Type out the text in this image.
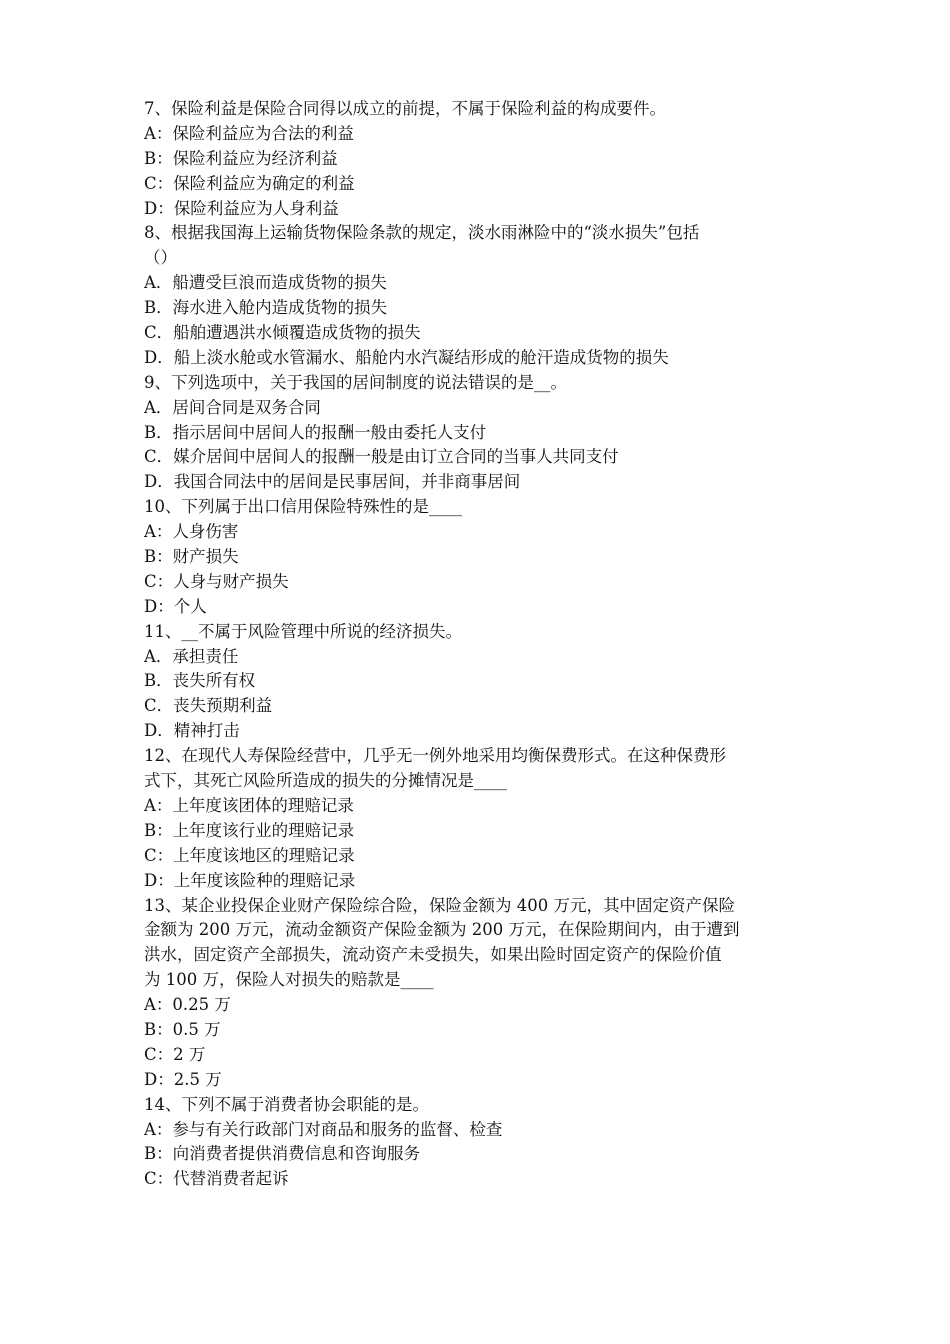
7、保险利益是保险合同得以成立的前提，不属于保险利益的构成要件。
A：保险利益应为合法的利益
B：保险利益应为经济利益
C：保险利益应为确定的利益
D：保险利益应为人身利益
8、根据我国海上运输货物保险条款的规定，淡水雨淋险中的“淡水损失”包括
（）
A．船遭受巨浪而造成货物的损失
B．海水进入舱内造成货物的损失
C．船舶遭遇洪水倾覆造成货物的损失
D．船上淡水舱或水管漏水、船舱内水汽凝结形成的舱汗造成货物的损失
9、下列选项中，关于我国的居间制度的说法错误的是__。
A．居间合同是双务合同
B．指示居间中居间人的报酬一般由委托人支付
C．媒介居间中居间人的报酬一般是由订立合同的当事人共同支付
D．我国合同法中的居间是民事居间，并非商事居间
10、下列属于出口信用保险特殊性的是____
A：人身伤害
B：财产损失
C：人身与财产损失
D：个人
11、__不属于风险管理中所说的经济损失。
A．承担责任
B．丧失所有权
C．丧失预期利益
D．精神打击
12、在现代人寿保险经营中，几乎无一例外地采用均衡保费形式。在这种保费形
式下，其死亡风险所造成的损失的分摊情况是____
A：上年度该团体的理赔记录
B：上年度该行业的理赔记录
C：上年度该地区的理赔记录
D：上年度该险种的理赔记录
13、某企业投保企业财产保险综合险，保险金额为 400 万元，其中固定资产保险
金额为 200 万元，流动金额资产保险金额为 200 万元，在保险期间内，由于遭到
洪水，固定资产全部损失，流动资产未受损失，如果出险时固定资产的保险价值
为 100 万，保险人对损失的赔款是____
A：0.25 万
B：0.5 万
C：2 万
D：2.5 万
14、下列不属于消费者协会职能的是。
A：参与有关行政部门对商品和服务的监督、检查
B：向消费者提供消费信息和咨询服务
C：代替消费者起诉
